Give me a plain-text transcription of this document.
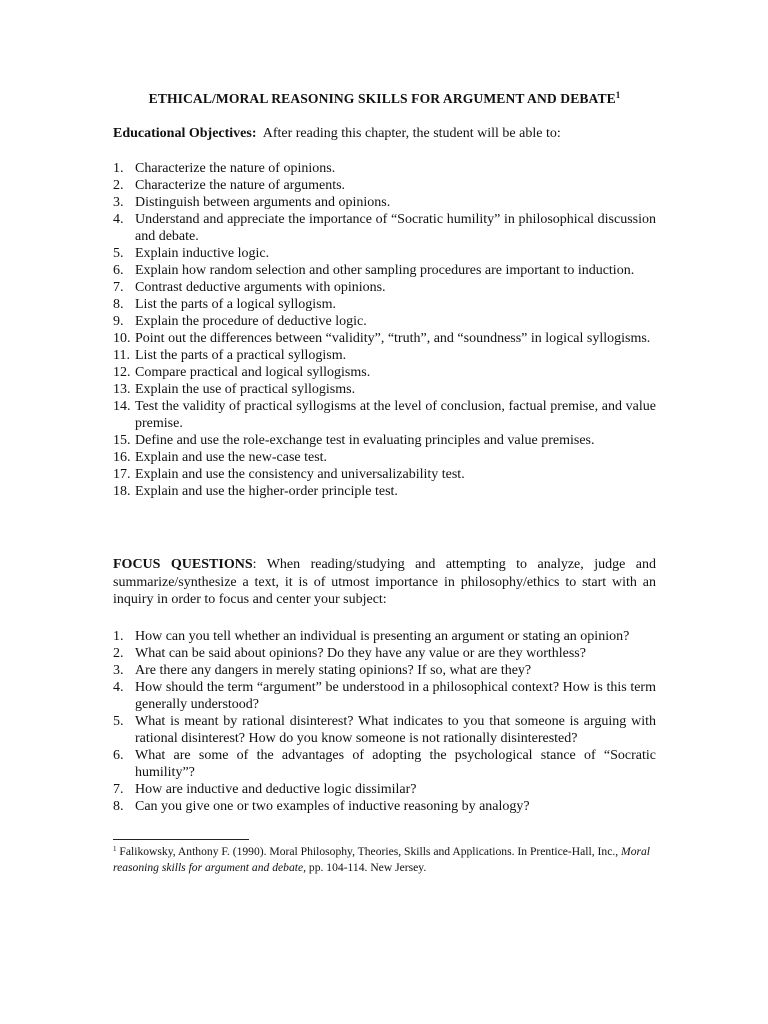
ETHICAL/MORAL REASONING SKILLS FOR ARGUMENT AND DEBATE$^1$
Educational Objectives: After reading this chapter, the student will be able to:
1. Characterize the nature of opinions.
2. Characterize the nature of arguments.
3. Distinguish between arguments and opinions.
4. Understand and appreciate the importance of “Socratic humility” in philosophical discussion and debate.
5. Explain inductive logic.
6. Explain how random selection and other sampling procedures are important to induction.
7. Contrast deductive arguments with opinions.
8. List the parts of a logical syllogism.
9. Explain the procedure of deductive logic.
10. Point out the differences between “validity”, “truth”, and “soundness” in logical syllogisms.
11. List the parts of a practical syllogism.
12. Compare practical and logical syllogisms.
13. Explain the use of practical syllogisms.
14. Test the validity of practical syllogisms at the level of conclusion, factual premise, and value premise.
15. Define and use the role-exchange test in evaluating principles and value premises.
16. Explain and use the new-case test.
17. Explain and use the consistency and universalizability test.
18. Explain and use the higher-order principle test.
FOCUS QUESTIONS: When reading/studying and attempting to analyze, judge and summarize/synthesize a text, it is of utmost importance in philosophy/ethics to start with an inquiry in order to focus and center your subject:
1. How can you tell whether an individual is presenting an argument or stating an opinion?
2. What can be said about opinions? Do they have any value or are they worthless?
3. Are there any dangers in merely stating opinions? If so, what are they?
4. How should the term “argument” be understood in a philosophical context? How is this term generally understood?
5. What is meant by rational disinterest? What indicates to you that someone is arguing with rational disinterest? How do you know someone is not rationally disinterested?
6. What are some of the advantages of adopting the psychological stance of “Socratic humility”?
7. How are inductive and deductive logic dissimilar?
8. Can you give one or two examples of inductive reasoning by analogy?
$^1$ Falikowsky, Anthony F. (1990). Moral Philosophy, Theories, Skills and Applications. In Prentice-Hall, Inc., Moral reasoning skills for argument and debate, pp. 104-114. New Jersey.
